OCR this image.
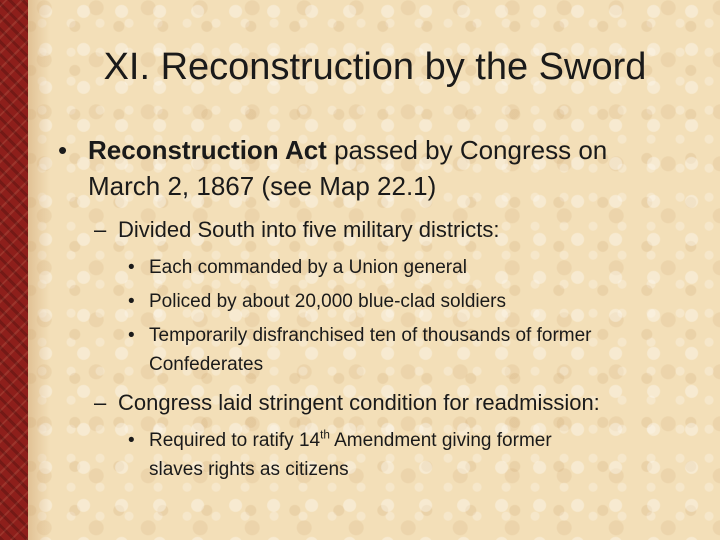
XI. Reconstruction by the Sword
• Reconstruction Act passed by Congress on
March 2, 1867 (see Map 22.1)
– Divided South into five military districts:
• Each commanded by a Union general
• Policed by about 20,000 blue-clad soldiers
• Temporarily disfranchised ten of thousands of former
Confederates
– Congress laid stringent condition for readmission:
• Required to ratify 14th Amendment giving former
slaves rights as citizens
